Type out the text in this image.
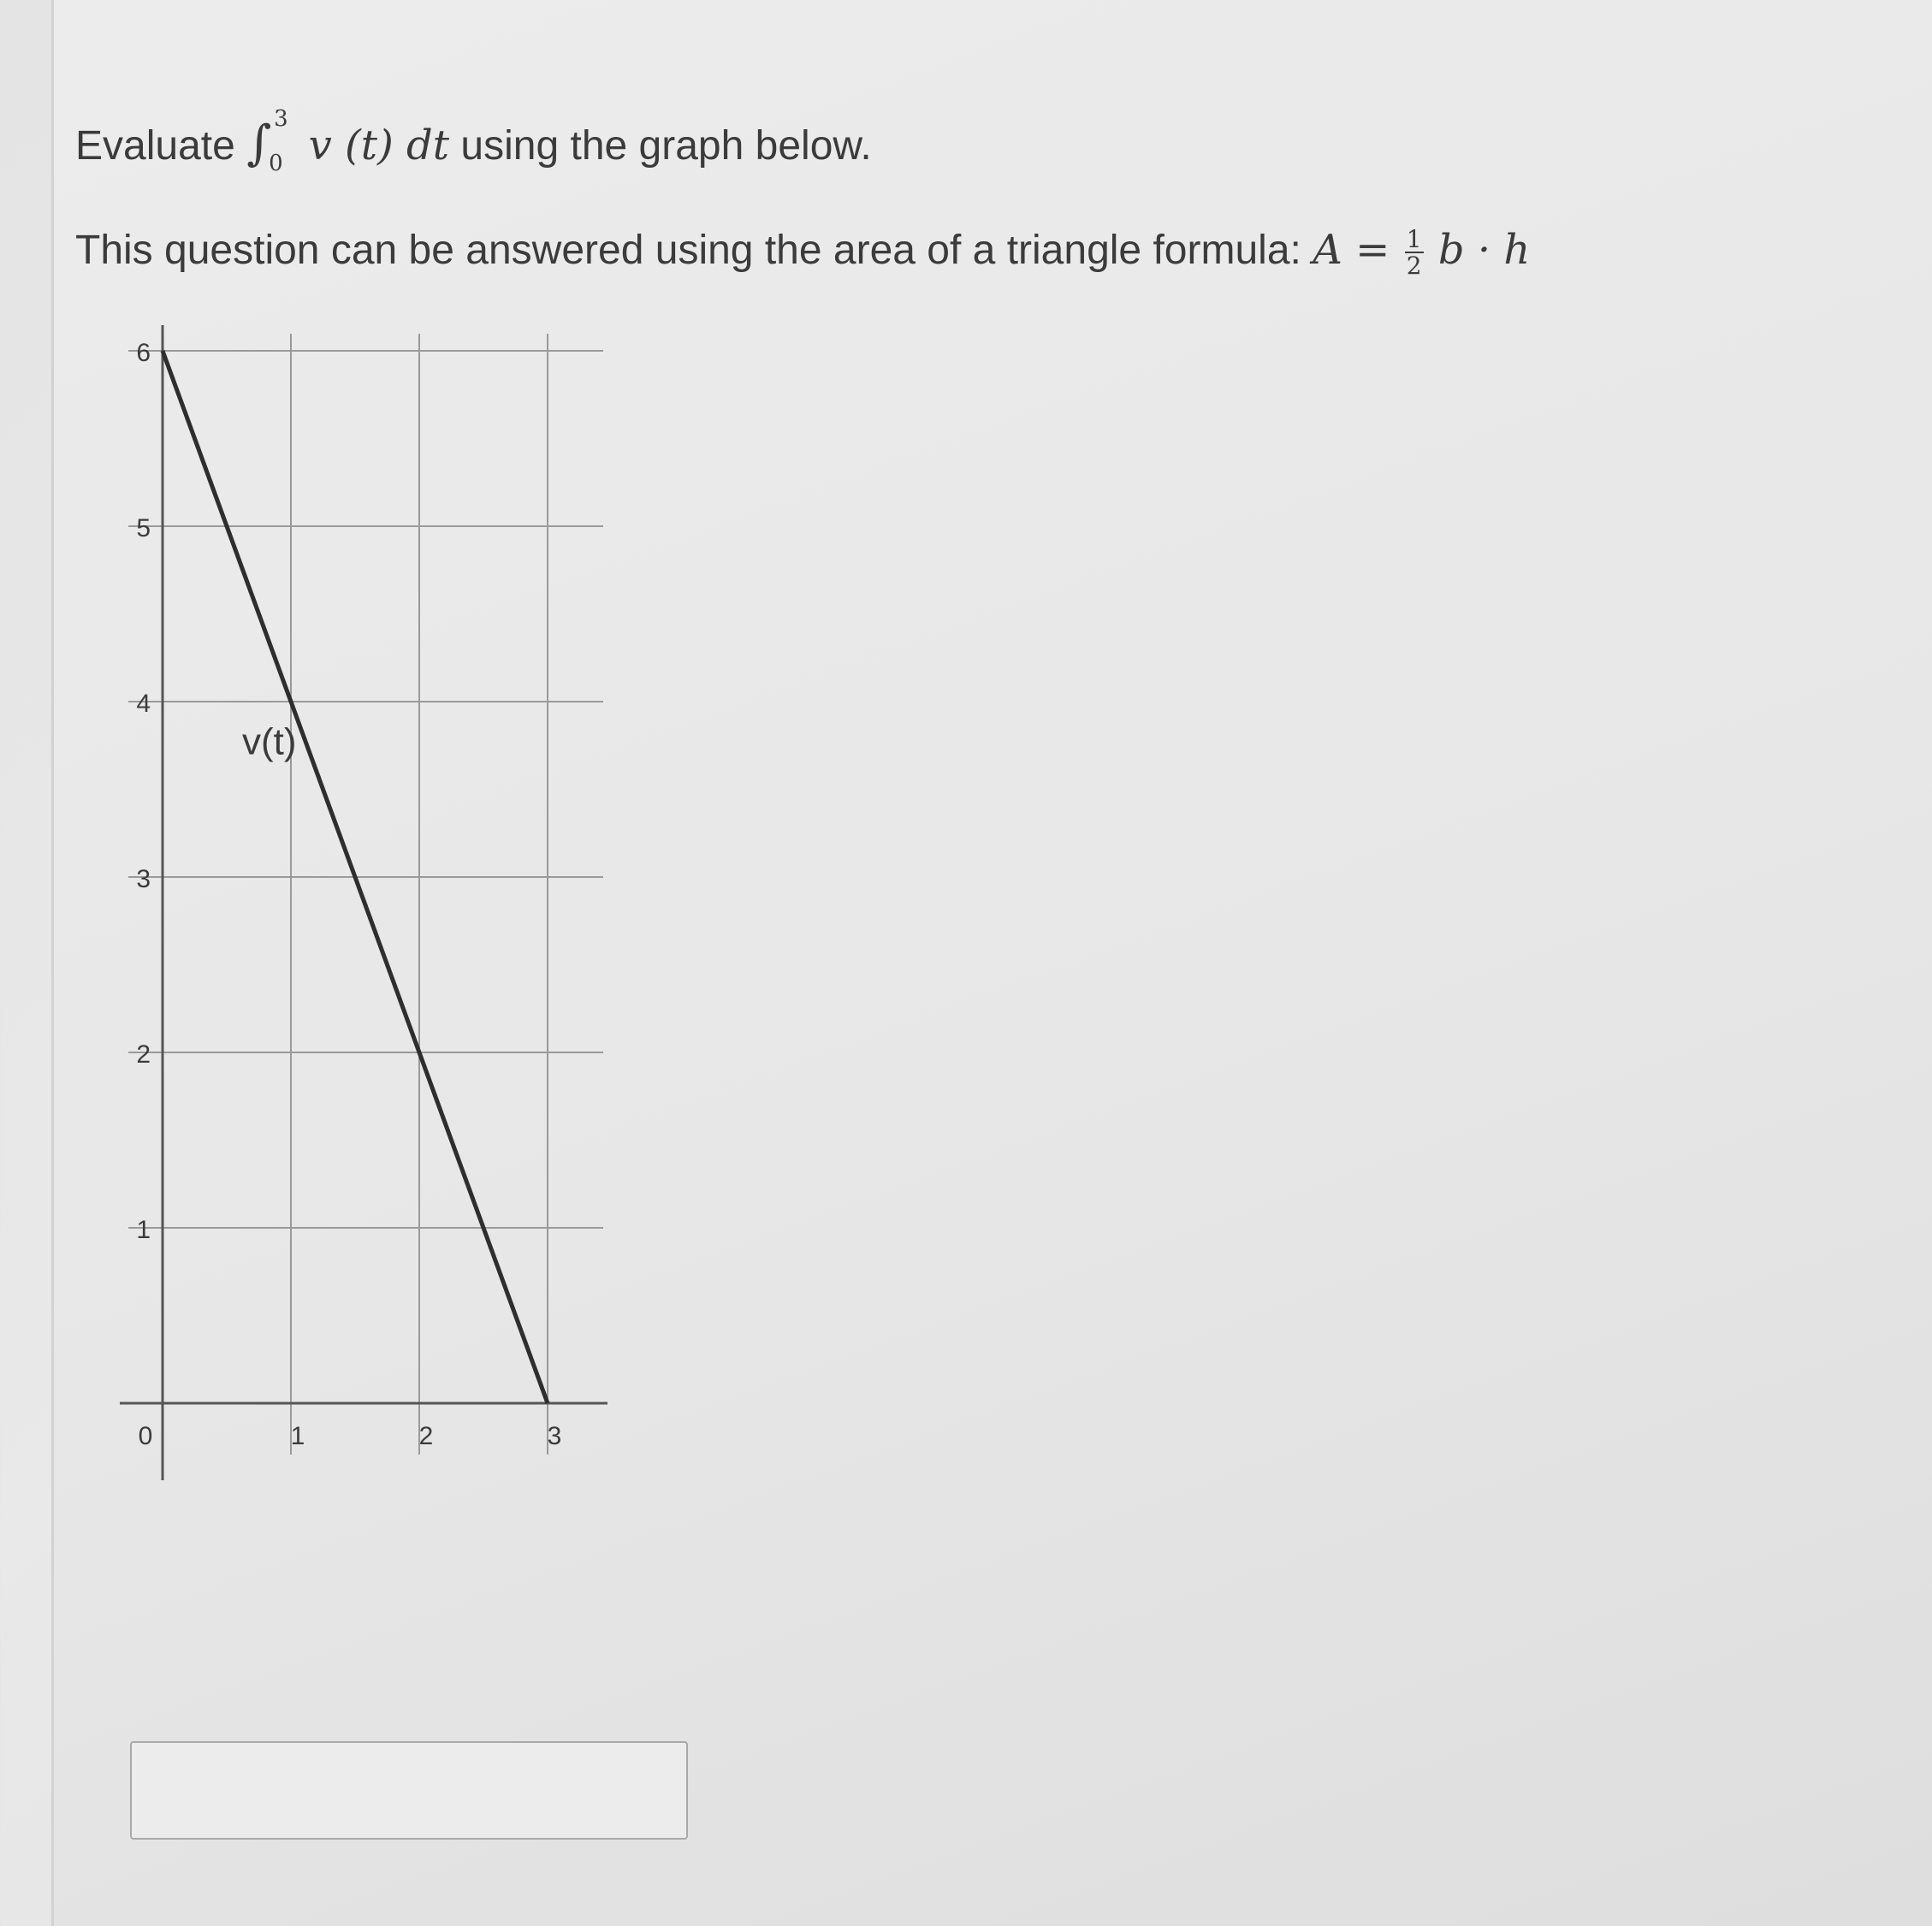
Evaluate ∫ 3
0 v (t) dt using the graph below.
This question can be answered using the area of a triangle formula: $A = \frac{1}{2}$ b · h
1
2
3
4
5
6
0	1	2	3
v(t)
